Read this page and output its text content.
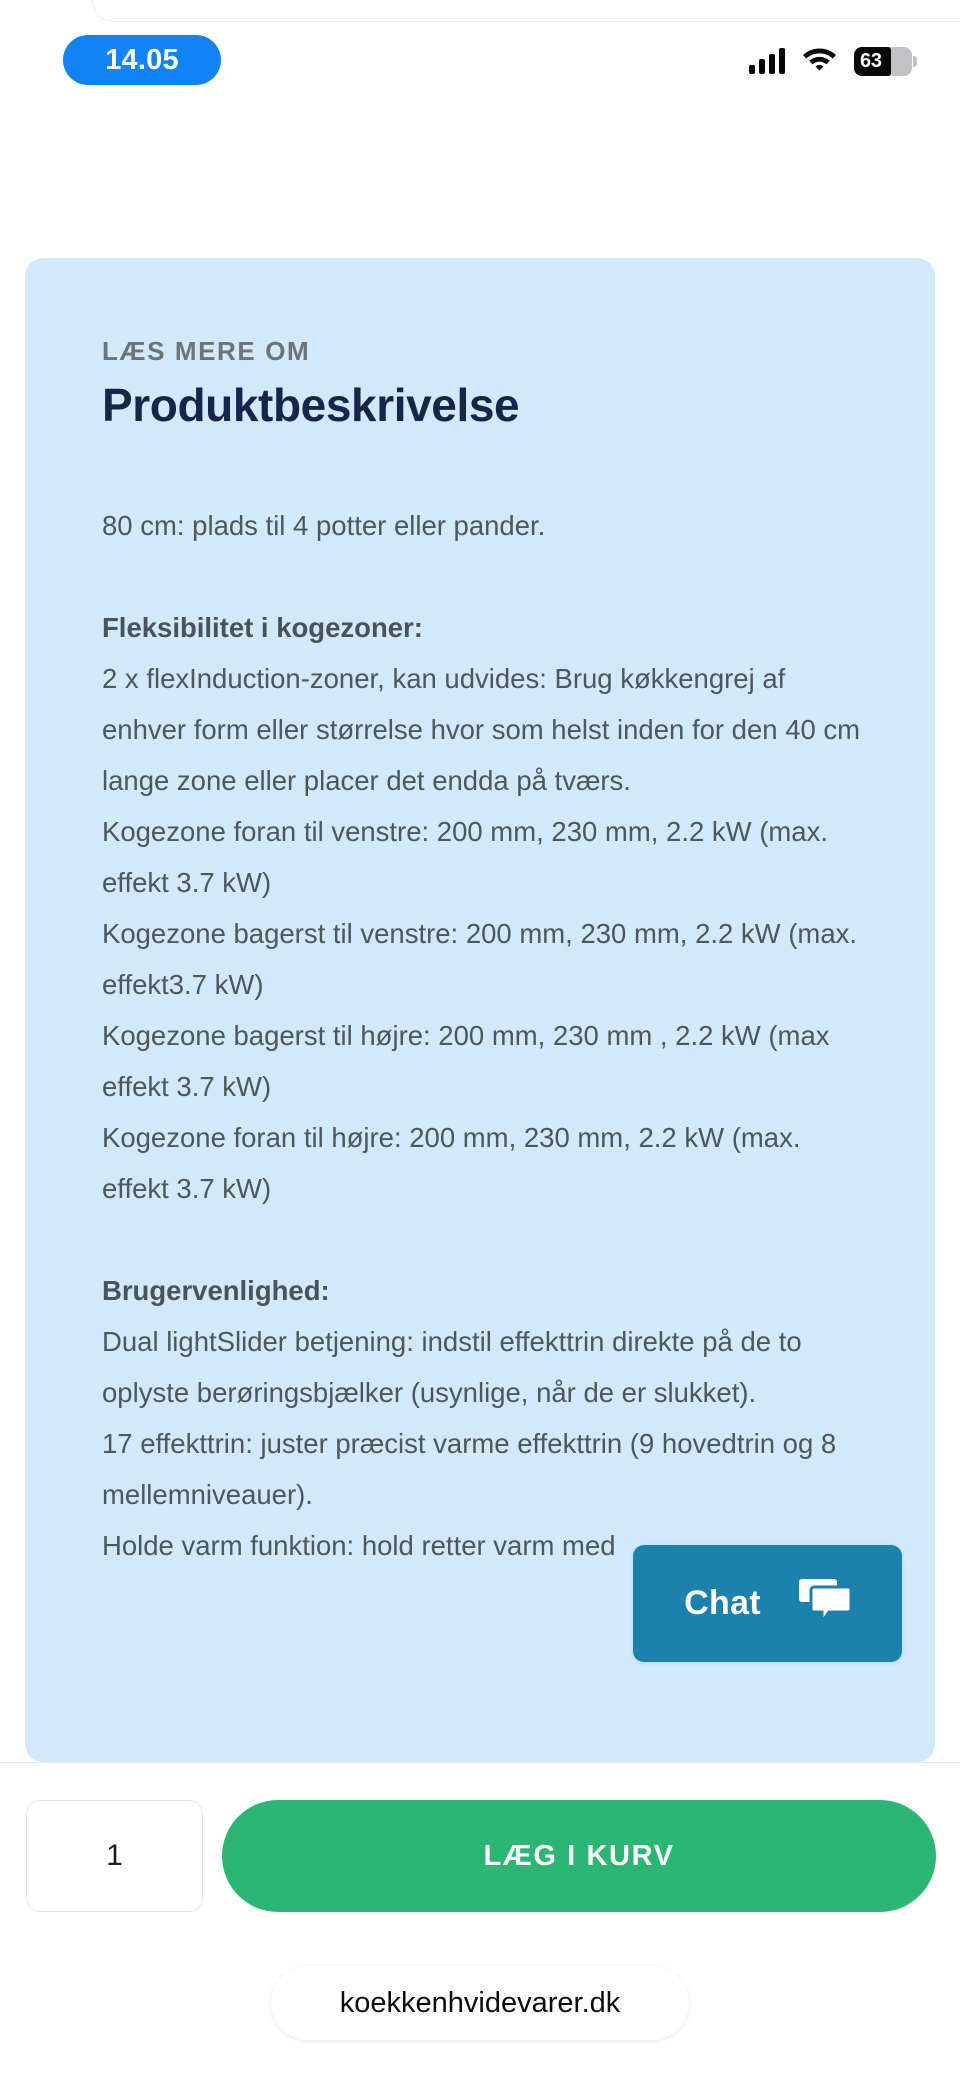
14.05	63
LÆS MERE OM
Produktbeskrivelse

80 cm: plads til 4 potter eller pander.

Fleksibilitet i kogezoner:

2 x flexInduction-zoner, kan udvides: Brug køkkengrej af enhver form eller størrelse hvor som helst inden for den 40 cm lange zone eller placer det endda på tværs.

Kogezone foran til venstre: 200 mm, 230 mm, 2.2 kW (max. effekt 3.7 kW)

Kogezone bagerst til venstre: 200 mm, 230 mm, 2.2 kW (max. effekt3.7 kW)

Kogezone bagerst til højre: 200 mm, 230 mm , 2.2 kW (max effekt 3.7 kW)

Kogezone foran til højre: 200 mm, 230 mm, 2.2 kW (max. effekt 3.7 kW)

Brugervenlighed:

Dual lightSlider betjening: indstil effekttrin direkte på de to oplyste berøringsbjælker (usynlige, når de er slukket).

17 effekttrin: juster præcist varme effekttrin (9 hovedtrin og 8 mellemniveauer).

Holde varm funktion: hold retter varm med

Chat
1	LÆG I KURV
koekkenhvidevarer.dk
